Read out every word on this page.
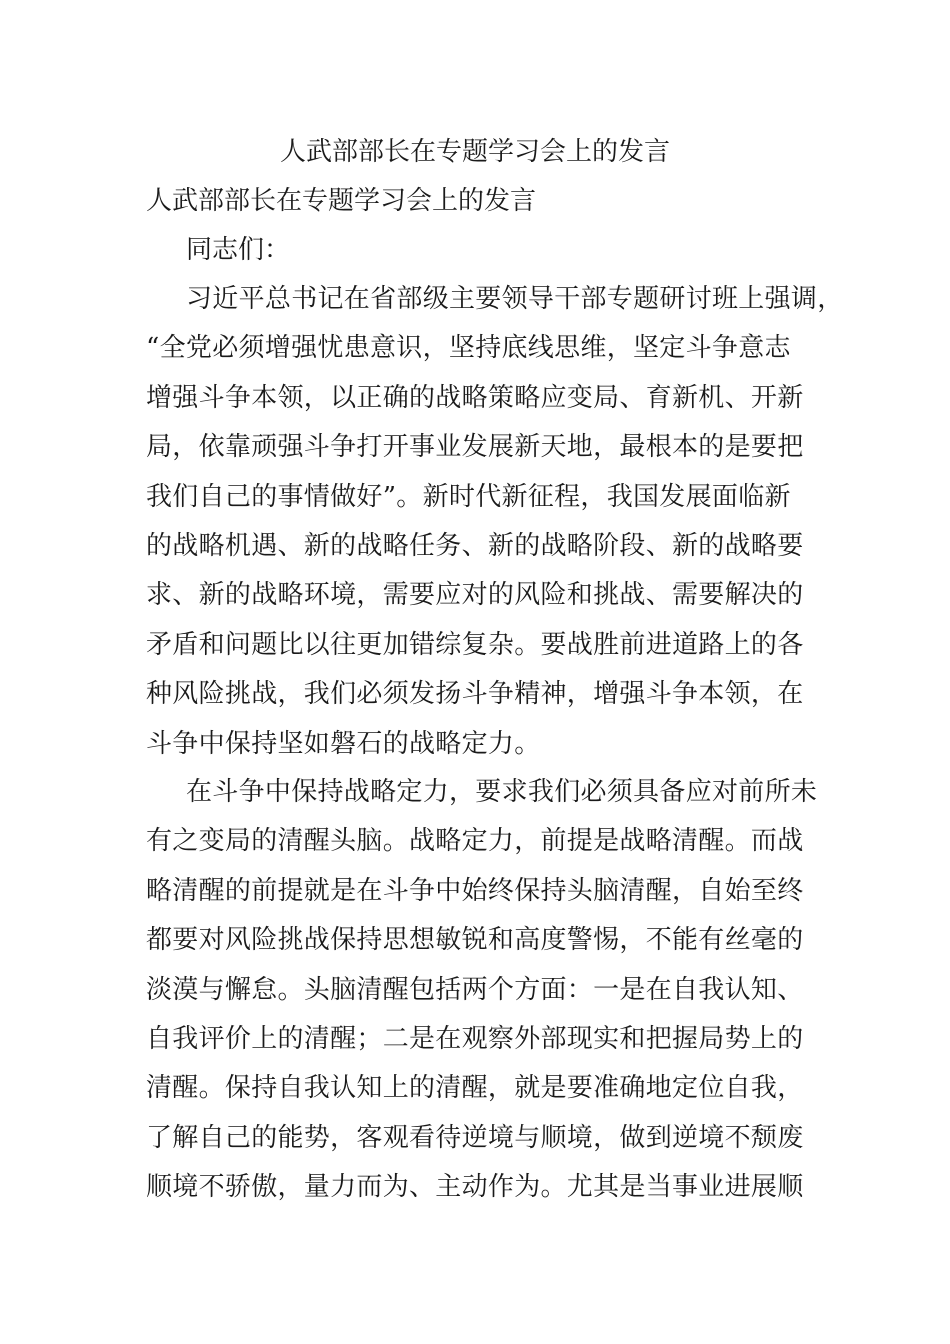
人武部部长在专题学习会上的发言
人武部部长在专题学习会上的发言

同志们：

习近平总书记在省部级主要领导干部专题研讨班上强调，
“全党必须增强忧患意识，坚持底线思维，坚定斗争意志
增强斗争本领，以正确的战略策略应变局、育新机、开新
局，依靠顽强斗争打开事业发展新天地，最根本的是要把
我们自己的事情做好”。新时代新征程，我国发展面临新
的战略机遇、新的战略任务、新的战略阶段、新的战略要
求、新的战略环境，需要应对的风险和挑战、需要解决的
矛盾和问题比以往更加错综复杂。要战胜前进道路上的各
种风险挑战，我们必须发扬斗争精神，增强斗争本领，在
斗争中保持坚如磐石的战略定力。
在斗争中保持战略定力，要求我们必须具备应对前所未
有之变局的清醒头脑。战略定力，前提是战略清醒。而战
略清醒的前提就是在斗争中始终保持头脑清醒，自始至终
都要对风险挑战保持思想敏锐和高度警惕，不能有丝毫的
淡漠与懈怠。头脑清醒包括两个方面：一是在自我认知、
自我评价上的清醒；二是在观察外部现实和把握局势上的
清醒。保持自我认知上的清醒，就是要准确地定位自我，
了解自己的能势，客观看待逆境与顺境，做到逆境不颓废
顺境不骄傲，量力而为、主动作为。尤其是当事业进展顺
